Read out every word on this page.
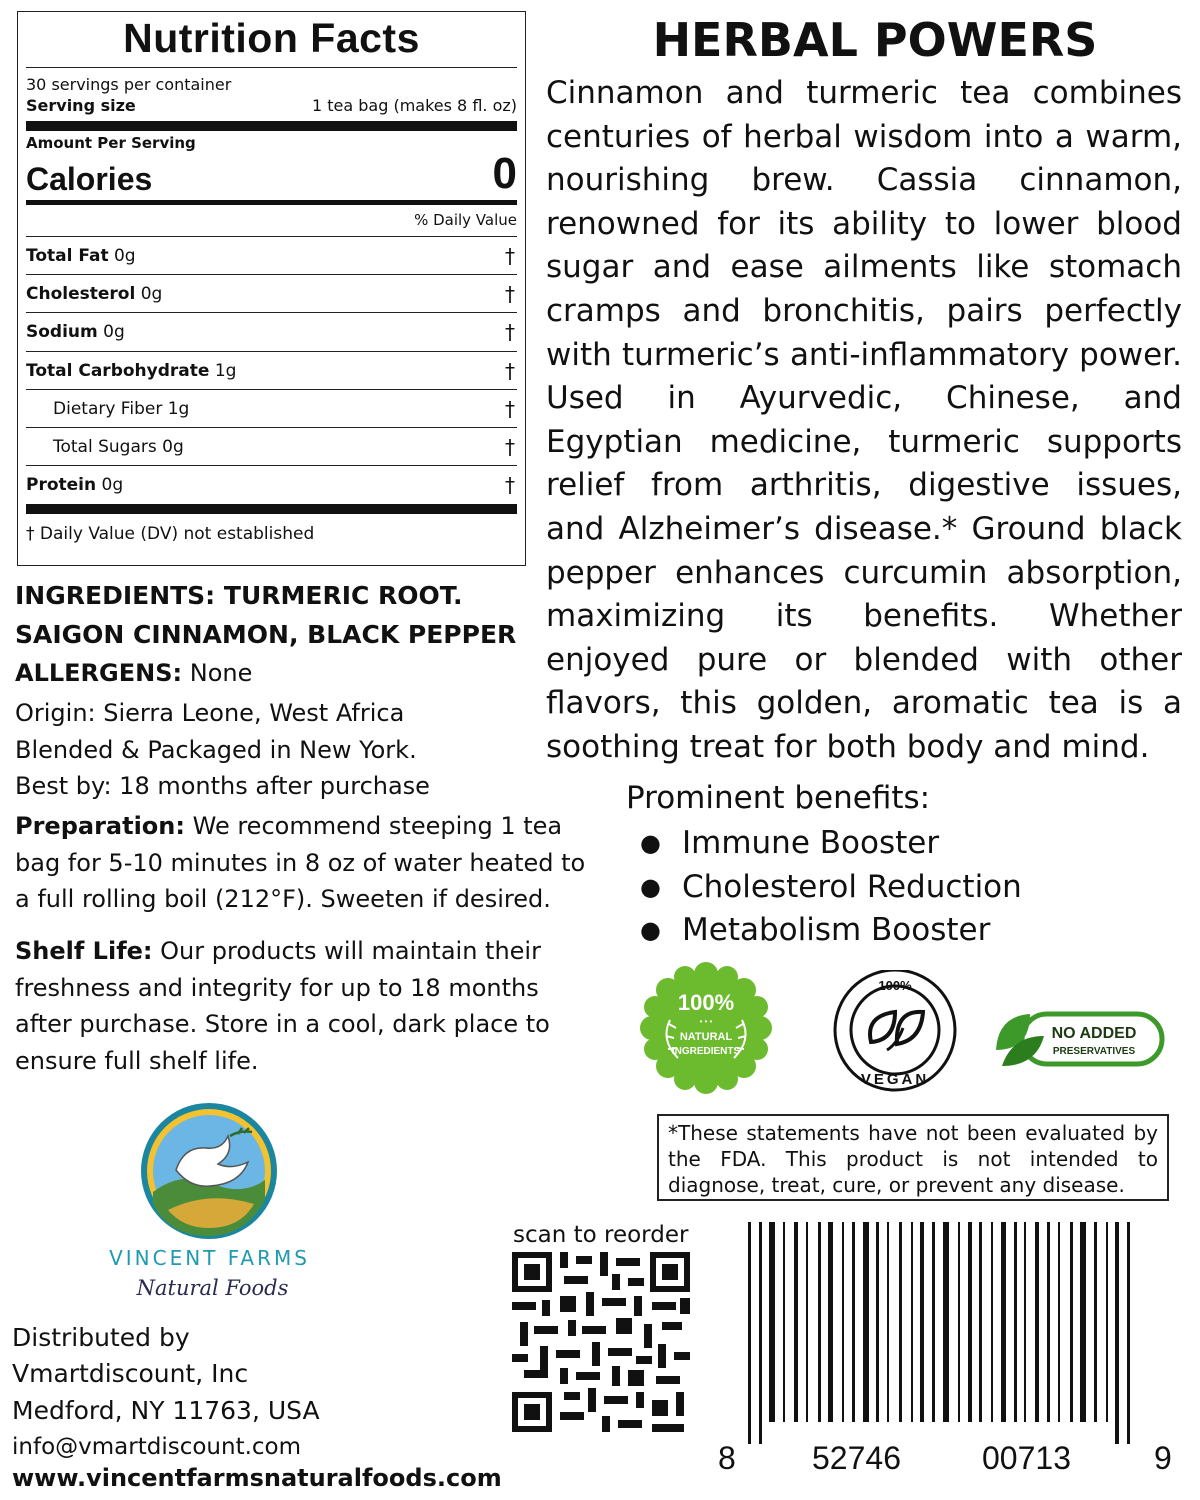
Nutrition Facts
30 servings per container
Serving size	1 tea bag (makes 8 fl. oz)
Amount Per Serving
Calories	0
% Daily Value
Total Fat 0g	†
Cholesterol 0g	†
Sodium 0g	†
Total Carbohydrate 1g	†
Dietary Fiber 1g	†
Total Sugars 0g	†
Protein 0g	†
† Daily Value (DV) not established
INGREDIENTS: TURMERIC ROOT.
SAIGON CINNAMON, BLACK PEPPER
ALLERGENS: None
Origin: Sierra Leone, West Africa
Blended & Packaged in New York.
Best by: 18 months after purchase
Preparation: We recommend steeping 1 tea
bag for 5-10 minutes in 8 oz of water heated to
a full rolling boil (212°F). Sweeten if desired.
Shelf Life: Our products will maintain their
freshness and integrity for up to 18 months
after purchase. Store in a cool, dark place to
ensure full shelf life.
HERBAL POWERS
Cinnamon and turmeric tea combines centuries of herbal wisdom into a warm, nourishing brew. Cassia cinnamon, renowned for its ability to lower blood sugar and ease ailments like stomach cramps and bronchitis, pairs perfectly with turmeric’s anti-inflammatory power. Used in Ayurvedic, Chinese, and Egyptian medicine, turmeric supports relief from arthritis, digestive issues, and Alzheimer’s disease.* Ground black pepper enhances curcumin absorption, maximizing its benefits. Whether enjoyed pure or blended with other flavors, this golden, aromatic tea is a soothing treat for both body and mind.
Prominent benefits:
● Immune Booster
● Cholesterol Reduction
● Metabolism Booster
100%
• • •
NATURAL
INGREDIENTS
100%
VEGAN
NO ADDED
PRESERVATIVES
*These statements have not been evaluated by the FDA. This product is not intended to diagnose, treat, cure, or prevent any disease.
scan to reorder
8 52746	00713	9
VINCENT FARMS
Natural Foods
Distributed by
Vmartdiscount, Inc
Medford, NY 11763, USA
info@vmartdiscount.com
www.vincentfarmsnaturalfoods.com
